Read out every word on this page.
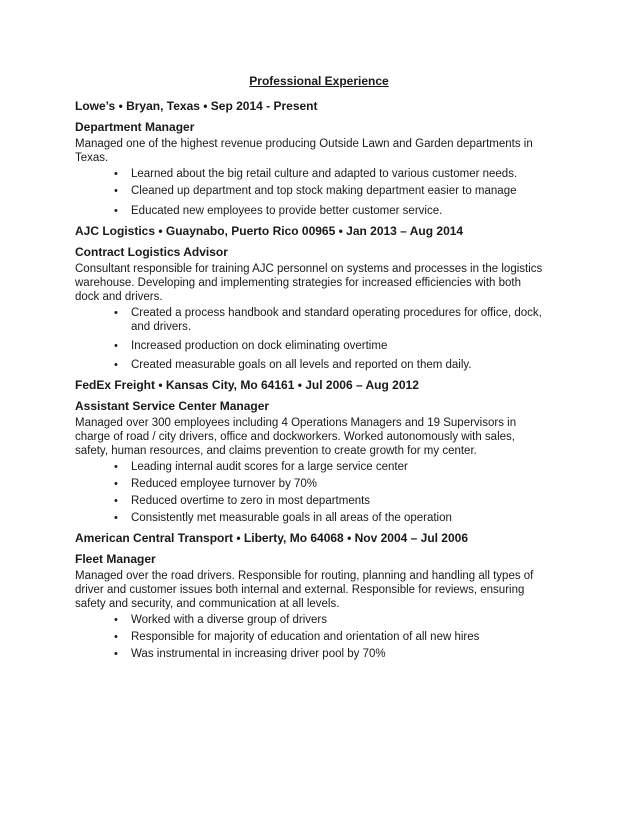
Professional Experience
Lowe’s • Bryan, Texas • Sep 2014 - Present
Department Manager
Managed one of the highest revenue producing Outside Lawn and Garden departments in Texas.
• Learned about the big retail culture and adapted to various customer needs.
• Cleaned up department and top stock making department easier to manage
• Educated new employees to provide better customer service.
AJC Logistics • Guaynabo, Puerto Rico 00965 • Jan 2013 – Aug 2014
Contract Logistics Advisor
Consultant responsible for training AJC personnel on systems and processes in the logistics warehouse. Developing and implementing strategies for increased efficiencies with both dock and drivers.
• Created a process handbook and standard operating procedures for office, dock, and drivers.
• Increased production on dock eliminating overtime
• Created measurable goals on all levels and reported on them daily.
FedEx Freight • Kansas City, Mo 64161 • Jul 2006 – Aug 2012
Assistant Service Center Manager
Managed over 300 employees including 4 Operations Managers and 19 Supervisors in charge of road / city drivers, office and dockworkers. Worked autonomously with sales, safety, human resources, and claims prevention to create growth for my center.
• Leading internal audit scores for a large service center
• Reduced employee turnover by 70%
• Reduced overtime to zero in most departments
• Consistently met measurable goals in all areas of the operation
American Central Transport • Liberty, Mo 64068 • Nov 2004 – Jul 2006
Fleet Manager
Managed over the road drivers. Responsible for routing, planning and handling all types of driver and customer issues both internal and external. Responsible for reviews, ensuring safety and security, and communication at all levels.
• Worked with a diverse group of drivers
• Responsible for majority of education and orientation of all new hires
• Was instrumental in increasing driver pool by 70%
